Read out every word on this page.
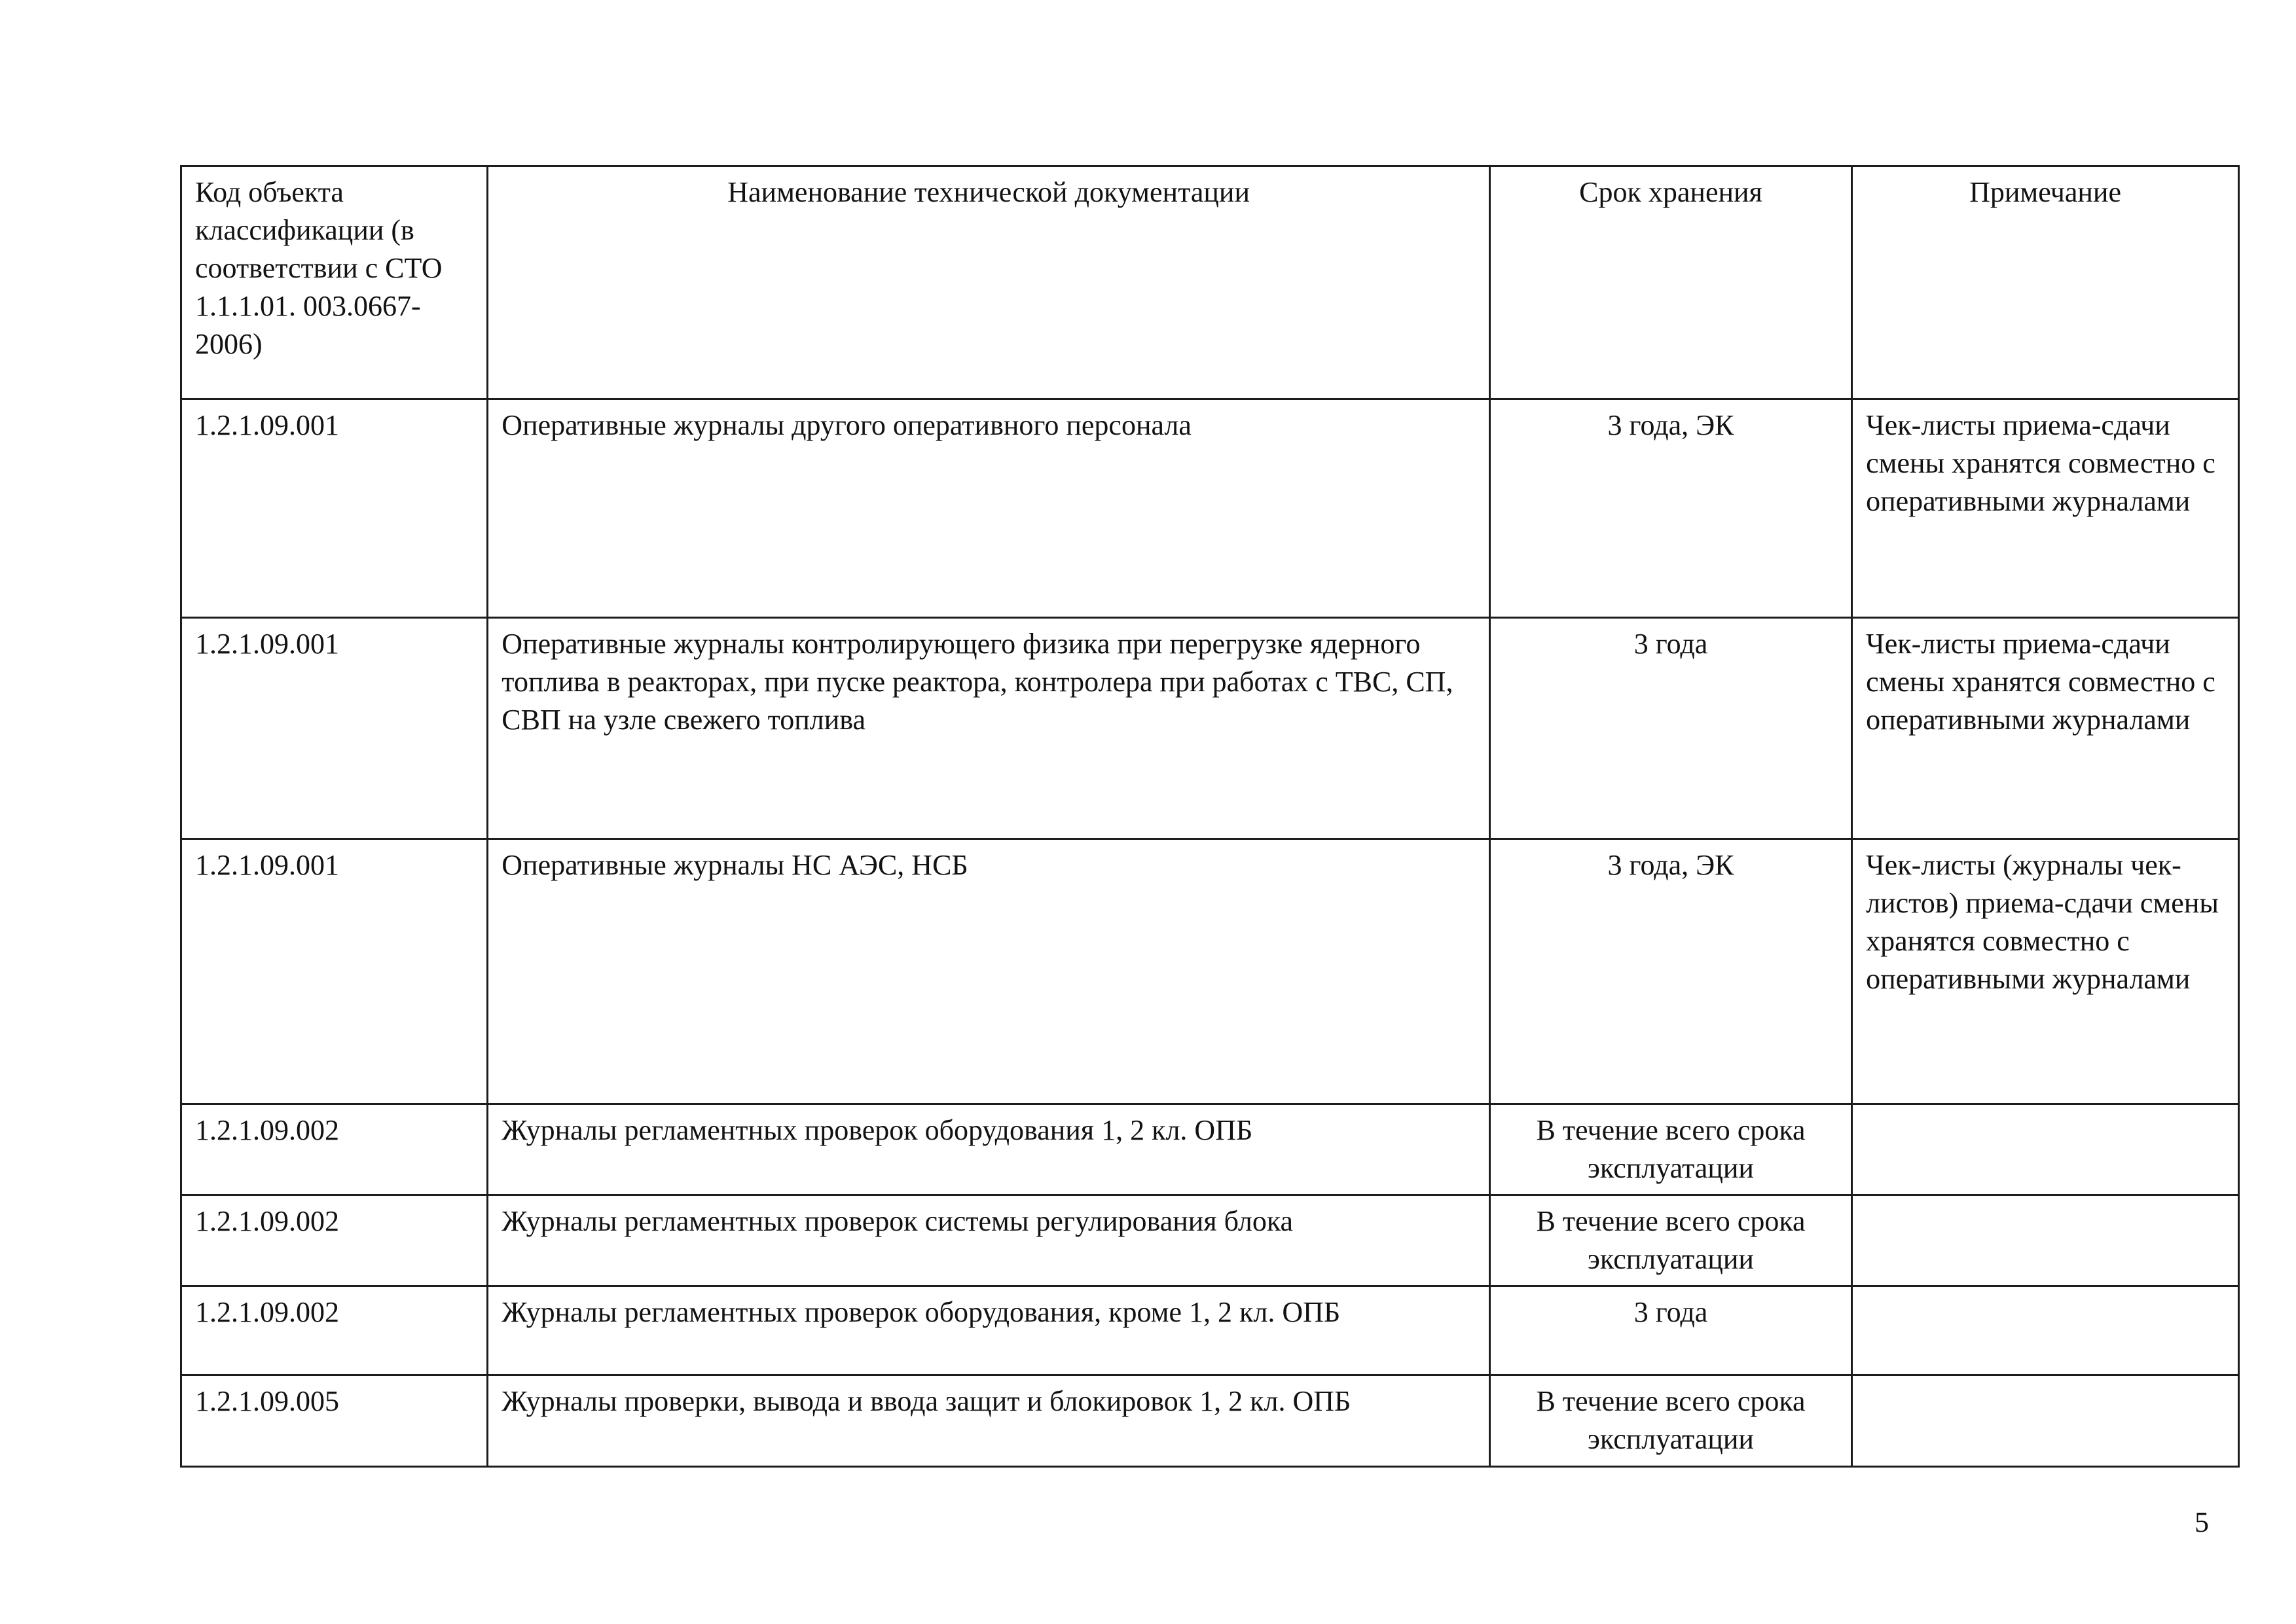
Код объекта классификации (в соответствии с СТО 1.1.1.01. 003.0667-2006)	Наименование технической документации	Срок хранения	Примечание
1.2.1.09.001	Оперативные журналы другого оперативного персонала	3 года, ЭК	Чек-листы приема-сдачи смены хранятся совместно с оперативными журналами
1.2.1.09.001	Оперативные журналы контролирующего физика при перегрузке ядерного топлива в реакторах, при пуске реактора, контролера при работах с ТВС, СП, СВП на узле свежего топлива	3 года	Чек-листы приема-сдачи смены хранятся совместно с оперативными журналами
1.2.1.09.001	Оперативные журналы НС АЭС, НСБ	3 года, ЭК	Чек-листы (журналы чек-листов) приема-сдачи смены хранятся совместно с оперативными журналами
1.2.1.09.002	Журналы регламентных проверок оборудования 1, 2 кл. ОПБ	В течение всего срока эксплуатации	
1.2.1.09.002	Журналы регламентных проверок системы регулирования блока	В течение всего срока эксплуатации	
1.2.1.09.002	Журналы регламентных проверок оборудования, кроме 1, 2 кл. ОПБ	3 года	
1.2.1.09.005	Журналы проверки, вывода и ввода защит и блокировок 1, 2 кл. ОПБ	В течение всего срока эксплуатации	
5
